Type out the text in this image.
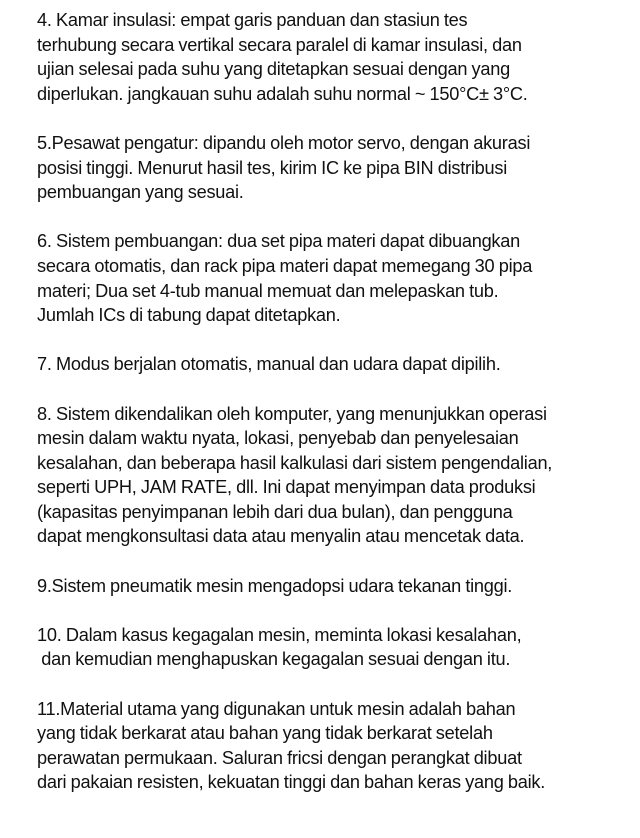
4. Kamar insulasi: empat garis panduan dan stasiun tes
terhubung secara vertikal secara paralel di kamar insulasi, dan
ujian selesai pada suhu yang ditetapkan sesuai dengan yang
diperlukan. jangkauan suhu adalah suhu normal ~ 150°C± 3°C.

5.Pesawat pengatur: dipandu oleh motor servo, dengan akurasi
posisi tinggi. Menurut hasil tes, kirim IC ke pipa BIN distribusi
pembuangan yang sesuai.

6. Sistem pembuangan: dua set pipa materi dapat dibuangkan
secara otomatis, dan rack pipa materi dapat memegang 30 pipa
materi; Dua set 4-tub manual memuat dan melepaskan tub.
Jumlah ICs di tabung dapat ditetapkan.

7. Modus berjalan otomatis, manual dan udara dapat dipilih.

8. Sistem dikendalikan oleh komputer, yang menunjukkan operasi
mesin dalam waktu nyata, lokasi, penyebab dan penyelesaian
kesalahan, dan beberapa hasil kalkulasi dari sistem pengendalian,
seperti UPH, JAM RATE, dll. Ini dapat menyimpan data produksi
(kapasitas penyimpanan lebih dari dua bulan), dan pengguna
dapat mengkonsultasi data atau menyalin atau mencetak data.

9.Sistem pneumatik mesin mengadopsi udara tekanan tinggi.

10. Dalam kasus kegagalan mesin, meminta lokasi kesalahan,
dan kemudian menghapuskan kegagalan sesuai dengan itu.

11.Material utama yang digunakan untuk mesin adalah bahan
yang tidak berkarat atau bahan yang tidak berkarat setelah
perawatan permukaan. Saluran fricsi dengan perangkat dibuat
dari pakaian resisten, kekuatan tinggi dan bahan keras yang baik.
